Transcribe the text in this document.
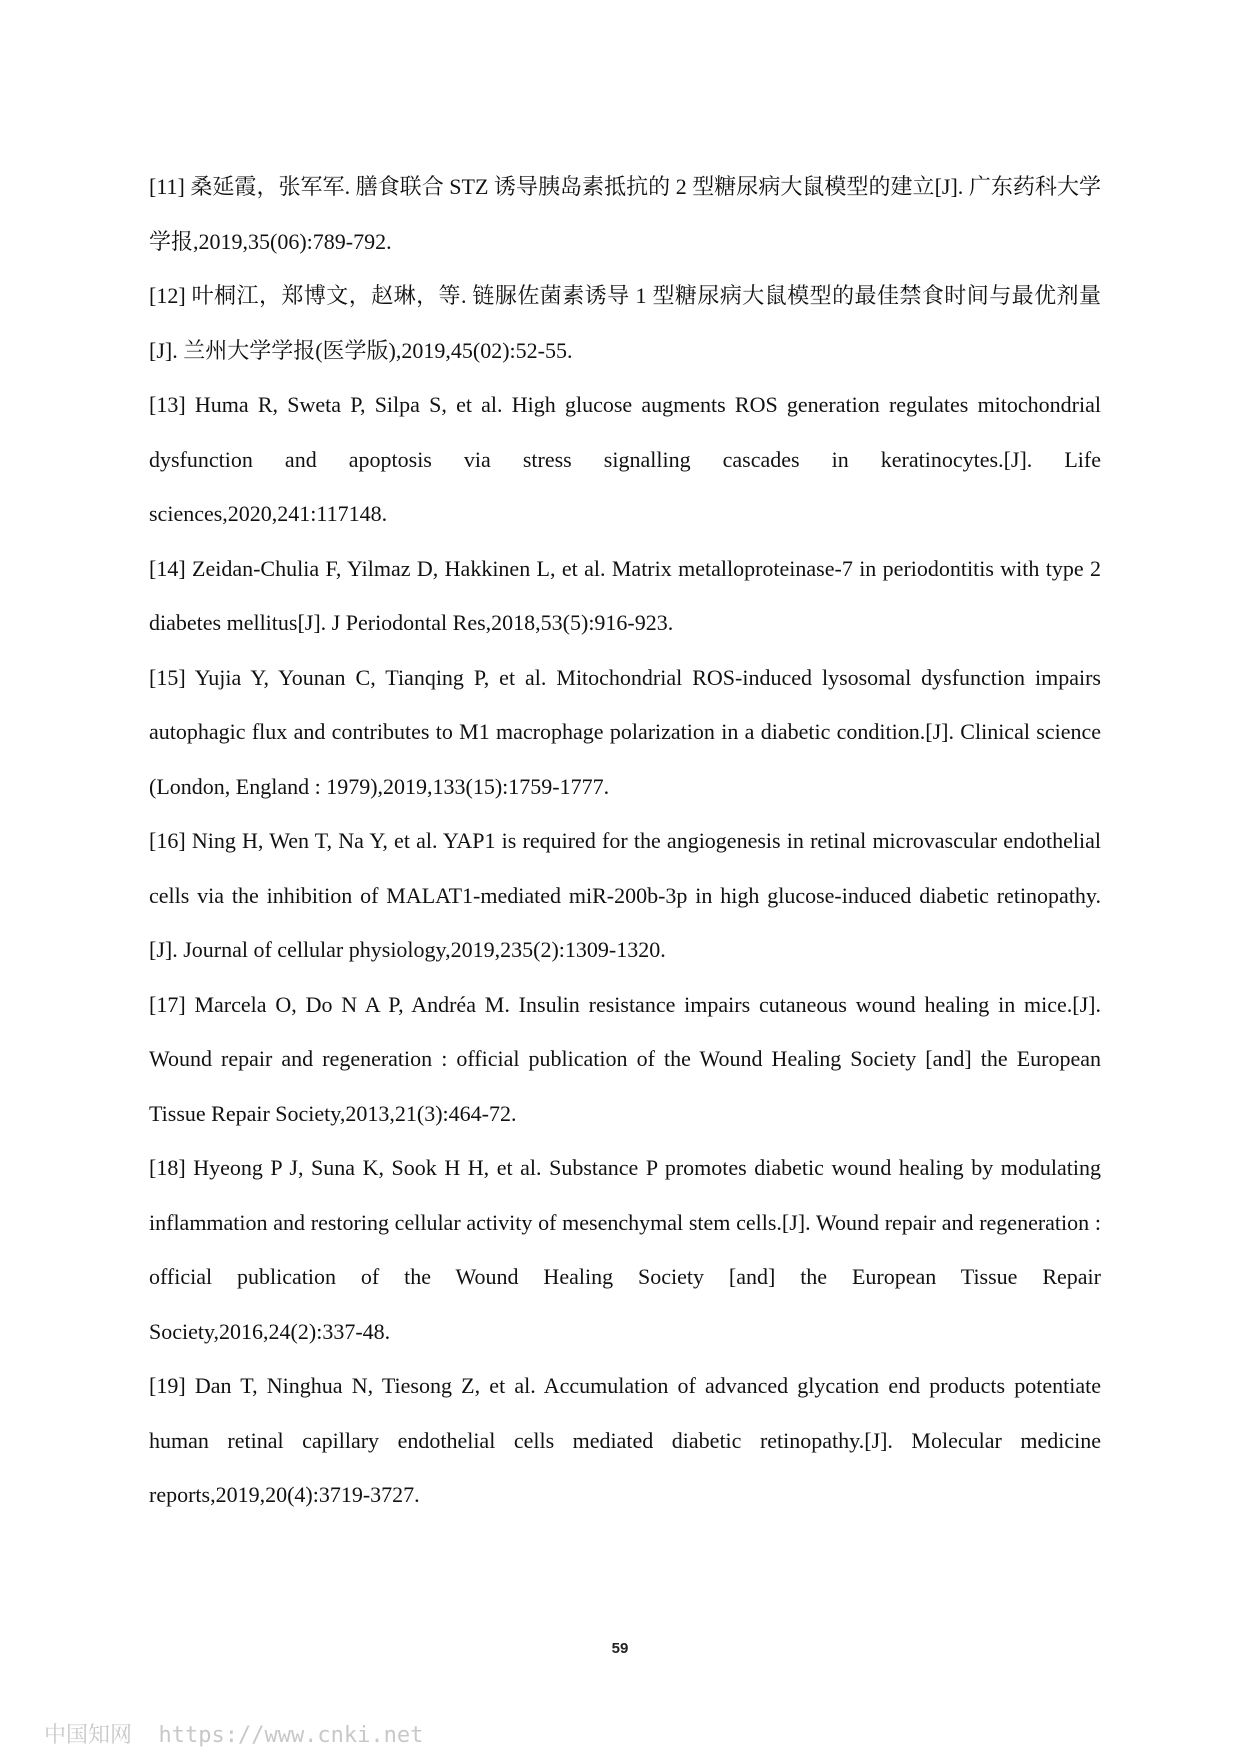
[11] 桑延霞，张军军. 膳食联合 STZ 诱导胰岛素抵抗的 2 型糖尿病大鼠模型的建立[J]. 广东药科大学学报,2019,35(06):789-792.

[12] 叶桐江，郑博文，赵琳，等. 链脲佐菌素诱导 1 型糖尿病大鼠模型的最佳禁食时间与最优剂量[J]. 兰州大学学报(医学版),2019,45(02):52-55.

[13] Huma R, Sweta P, Silpa S, et al. High glucose augments ROS generation regulates mitochondrial dysfunction and apoptosis via stress signalling cascades in keratinocytes.[J]. Life sciences,2020,241:117148.

[14] Zeidan-Chulia F, Yilmaz D, Hakkinen L, et al. Matrix metalloproteinase-7 in periodontitis with type 2 diabetes mellitus[J]. J Periodontal Res,2018,53(5):916-923.

[15] Yujia Y, Younan C, Tianqing P, et al. Mitochondrial ROS-induced lysosomal dysfunction impairs autophagic flux and contributes to M1 macrophage polarization in a diabetic condition.[J]. Clinical science (London, England : 1979),2019,133(15):1759-1777.

[16] Ning H, Wen T, Na Y, et al. YAP1 is required for the angiogenesis in retinal microvascular endothelial cells via the inhibition of MALAT1-mediated miR-200b-3p in high glucose-induced diabetic retinopathy.[J]. Journal of cellular physiology,2019,235(2):1309-1320.

[17] Marcela O, Do N A P, Andréa M. Insulin resistance impairs cutaneous wound healing in mice.[J]. Wound repair and regeneration : official publication of the Wound Healing Society [and] the European Tissue Repair Society,2013,21(3):464-72.

[18] Hyeong P J, Suna K, Sook H H, et al. Substance P promotes diabetic wound healing by modulating inflammation and restoring cellular activity of mesenchymal stem cells.[J]. Wound repair and regeneration : official publication of the Wound Healing Society [and] the European Tissue Repair Society,2016,24(2):337-48.

[19] Dan T, Ninghua N, Tiesong Z, et al. Accumulation of advanced glycation end products potentiate human retinal capillary endothelial cells mediated diabetic retinopathy.[J]. Molecular medicine reports,2019,20(4):3719-3727.

59
中国知网  https://www.cnki.net
